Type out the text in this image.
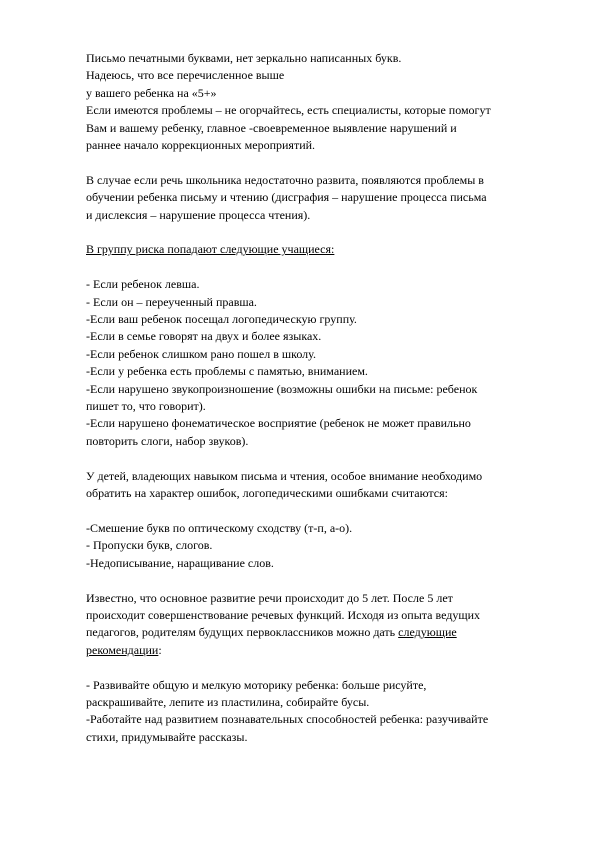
Письмо печатными буквами, нет зеркально написанных букв.
Надеюсь, что все перечисленное выше
у вашего ребенка на «5+»
Если имеются проблемы – не огорчайтесь, есть специалисты, которые помогут
Вам и вашему ребенку, главное -своевременное выявление нарушений и
раннее начало коррекционных мероприятий.
В случае если речь школьника недостаточно развита, появляются проблемы в
обучении ребенка письму и чтению (дисграфия – нарушение процесса письма
и дислексия – нарушение процесса чтения).
В группу риска попадают следующие учащиеся:
- Если ребенок левша.
- Если он – переученный правша.
-Если ваш ребенок посещал логопедическую группу.
-Если в семье говорят на двух и более языках.
-Если ребенок слишком рано пошел в школу.
-Если у ребенка есть проблемы с памятью, вниманием.
-Если нарушено звукопроизношение (возможны ошибки на письме: ребенок
пишет то, что говорит).
-Если нарушено фонематическое восприятие (ребенок не может правильно
повторить слоги, набор звуков).
У детей, владеющих навыком письма и чтения, особое внимание необходимо
обратить на характер ошибок, логопедическими ошибками считаются:
-Смешение букв по оптическому сходству (т-п, а-о).
- Пропуски букв, слогов.
-Недописывание, наращивание слов.
Известно, что основное развитие речи происходит до 5 лет. После 5 лет
происходит совершенствование речевых функций. Исходя из опыта ведущих
педагогов, родителям будущих первоклассников можно дать следующие
рекомендации:
- Развивайте общую и мелкую моторику ребенка: больше рисуйте,
раскрашивайте, лепите из пластилина, собирайте бусы.
-Работайте над развитием познавательных способностей ребенка: разучивайте
стихи, придумывайте рассказы.
